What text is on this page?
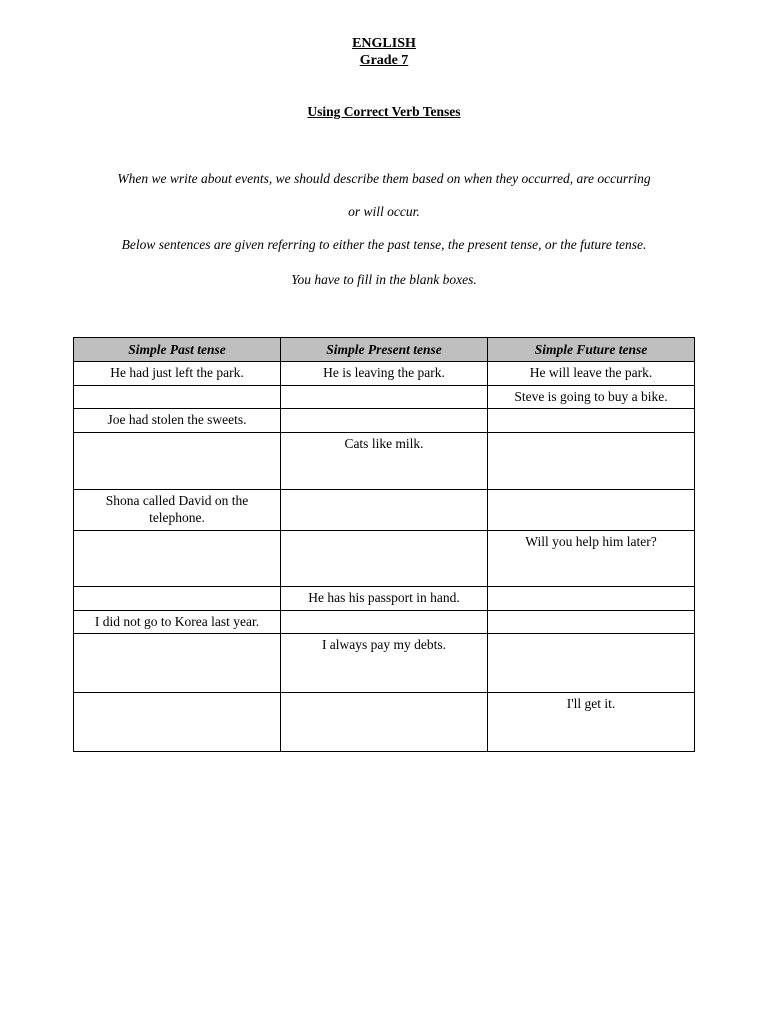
ENGLISH
Grade 7
Using Correct Verb Tenses
When we write about events, we should describe them based on when they occurred, are occurring
or will occur.
Below sentences are given referring to either the past tense, the present tense, or the future tense.
You have to fill in the blank boxes.
Simple Past tense	Simple Present tense	Simple Future tense
He had just left the park.	He is leaving the park.	He will leave the park.
		Steve is going to buy a bike.
Joe had stolen the sweets.		
	Cats like milk.	
Shona called David on the telephone.		
		Will you help him later?
	He has his passport in hand.	
I did not go to Korea last year.		
	I always pay my debts.	
		I'll get it.
